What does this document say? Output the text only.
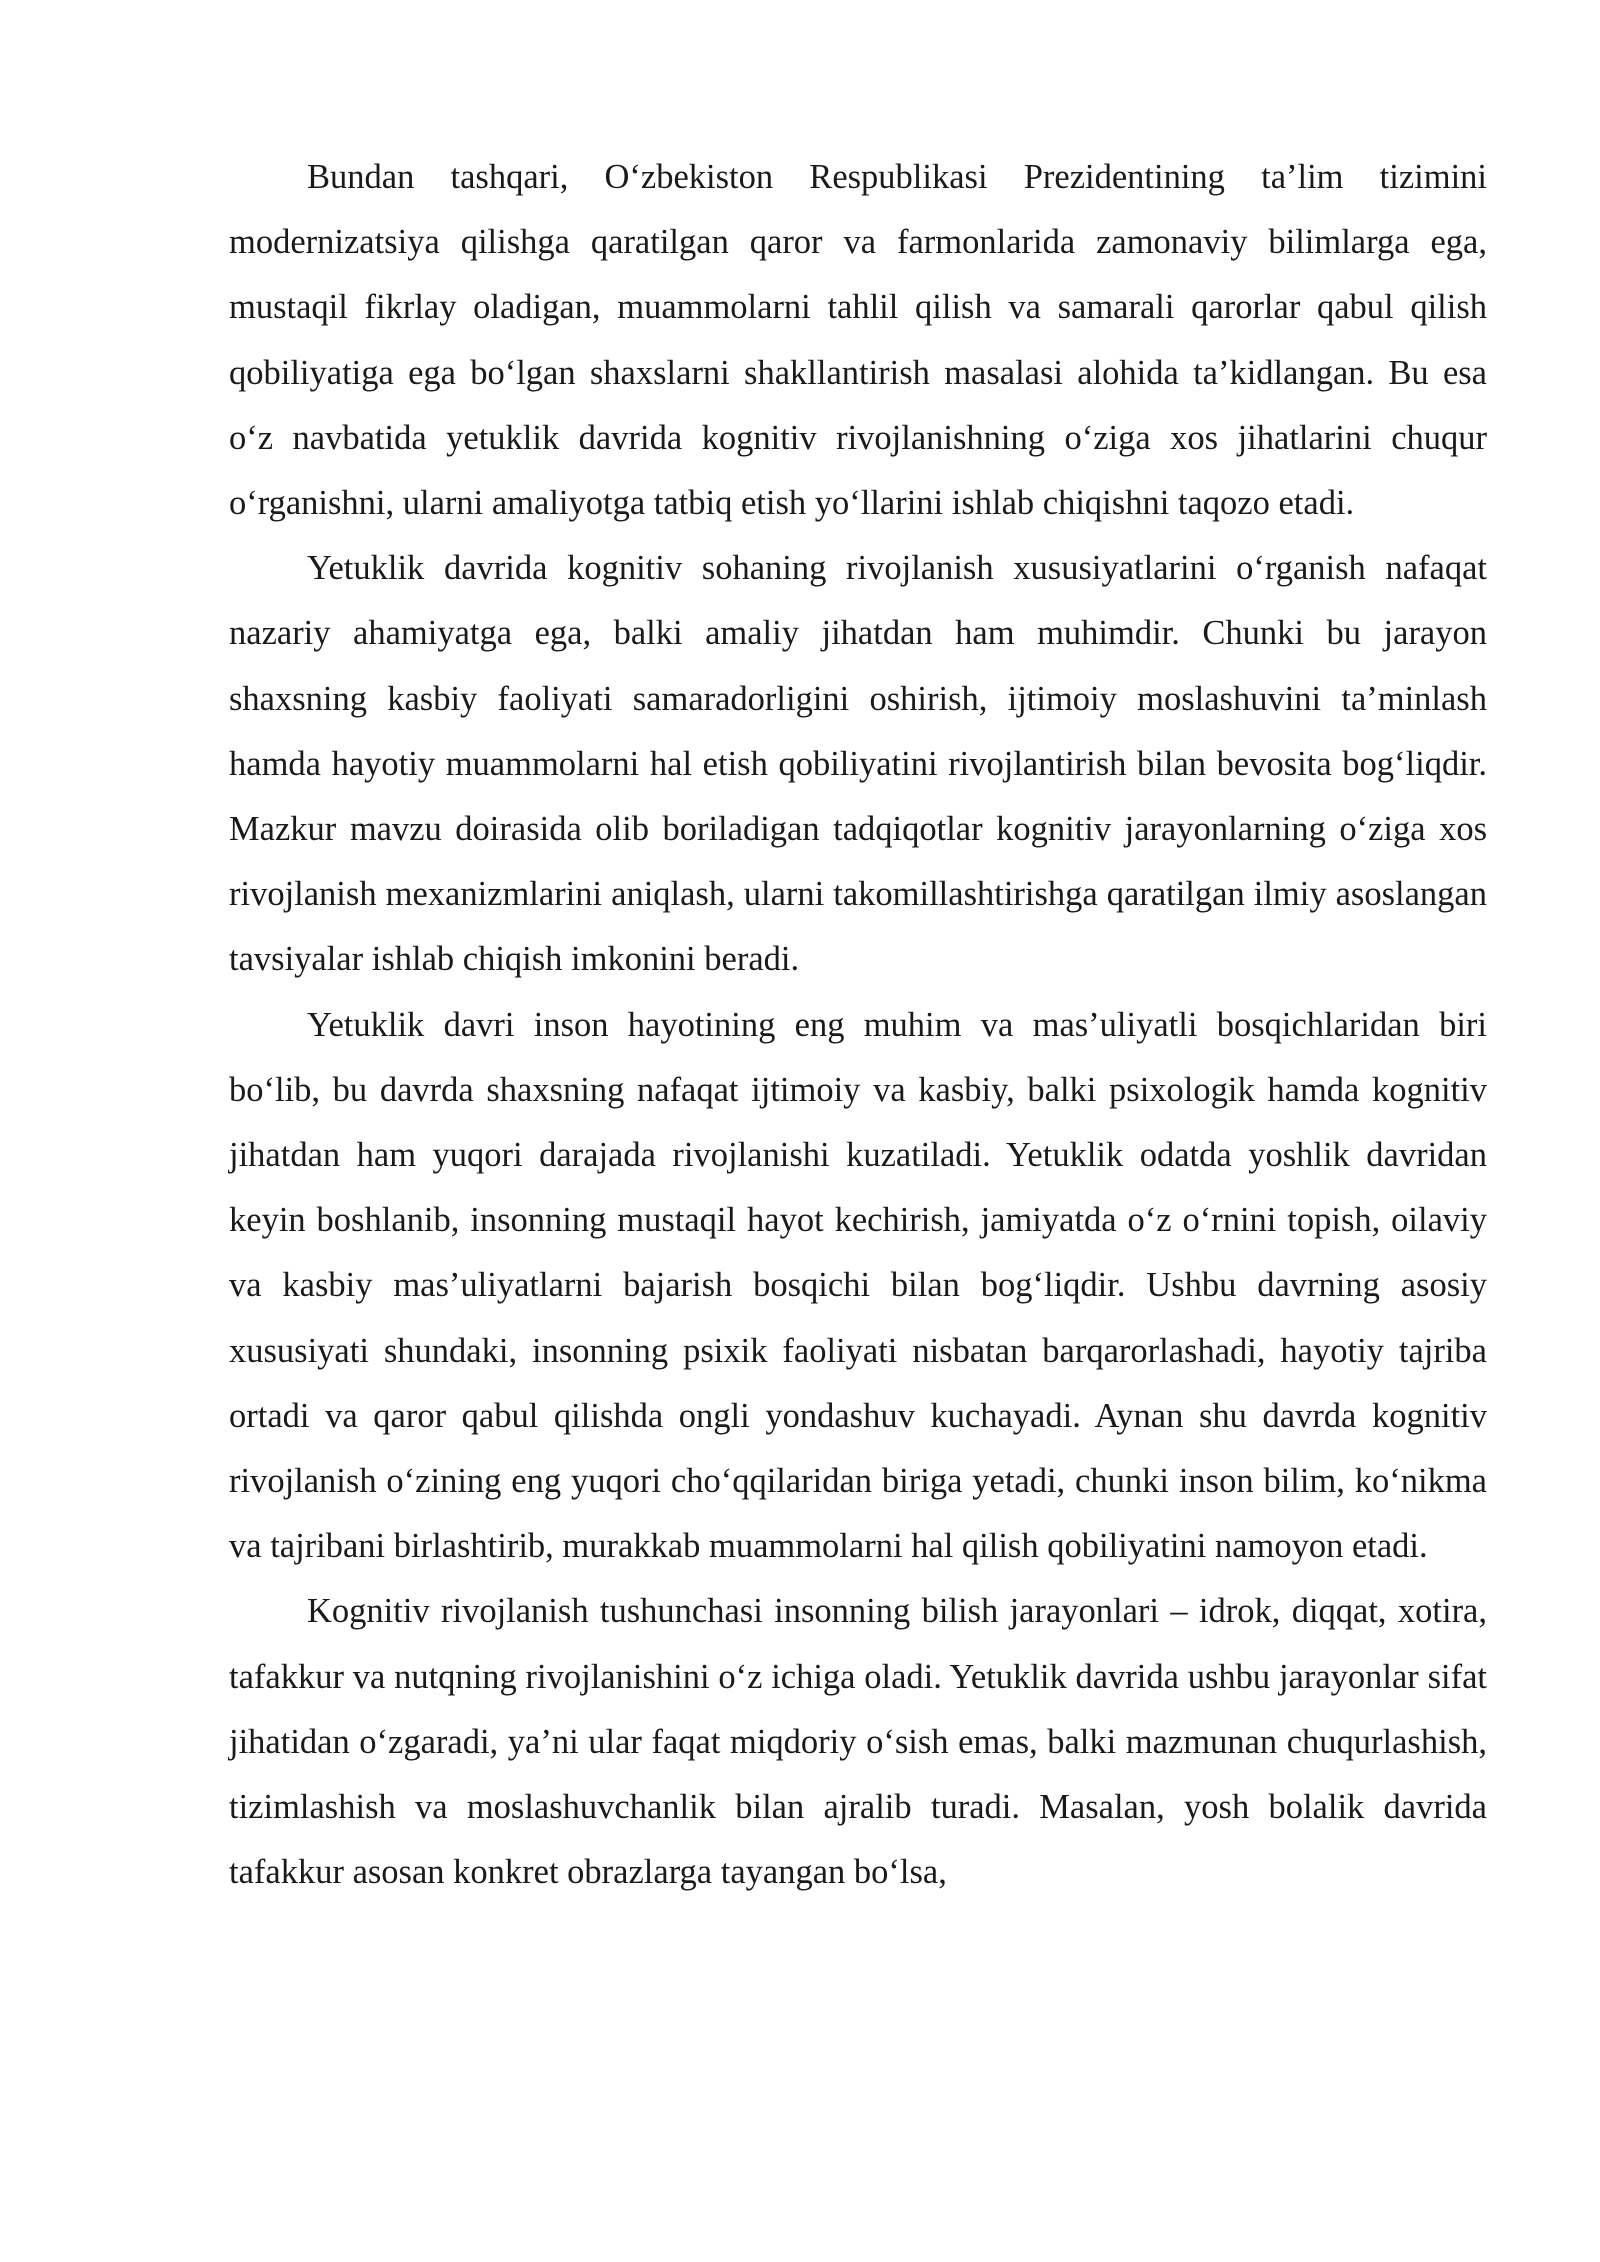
Bundan tashqari, O‘zbekiston Respublikasi Prezidentining ta’lim tizimini modernizatsiya qilishga qaratilgan qaror va farmonlarida zamonaviy bilimlarga ega, mustaqil fikrlay oladigan, muammolarni tahlil qilish va samarali qarorlar qabul qilish qobiliyatiga ega bo‘lgan shaxslarni shakllantirish masalasi alohida ta’kidlangan. Bu esa o‘z navbatida yetuklik davrida kognitiv rivojlanishning o‘ziga xos jihatlarini chuqur o‘rganishni, ularni amaliyotga tatbiq etish yo‘llarini ishlab chiqishni taqozo etadi.

Yetuklik davrida kognitiv sohaning rivojlanish xususiyatlarini o‘rganish nafaqat nazariy ahamiyatga ega, balki amaliy jihatdan ham muhimdir. Chunki bu jarayon shaxsning kasbiy faoliyati samaradorligini oshirish, ijtimoiy moslashuvini ta’minlash hamda hayotiy muammolarni hal etish qobiliyatini rivojlantirish bilan bevosita bog‘liqdir. Mazkur mavzu doirasida olib boriladigan tadqiqotlar kognitiv jarayonlarning o‘ziga xos rivojlanish mexanizmlarini aniqlash, ularni takomillashtirishga qaratilgan ilmiy asoslangan tavsiyalar ishlab chiqish imkonini beradi.

Yetuklik davri inson hayotining eng muhim va mas’uliyatli bosqichlaridan biri bo‘lib, bu davrda shaxsning nafaqat ijtimoiy va kasbiy, balki psixologik hamda kognitiv jihatdan ham yuqori darajada rivojlanishi kuzatiladi. Yetuklik odatda yoshlik davridan keyin boshlanib, insonning mustaqil hayot kechirish, jamiyatda o‘z o‘rnini topish, oilaviy va kasbiy mas’uliyatlarni bajarish bosqichi bilan bog‘liqdir. Ushbu davrning asosiy xususiyati shundaki, insonning psixik faoliyati nisbatan barqarorlashadi, hayotiy tajriba ortadi va qaror qabul qilishda ongli yondashuv kuchayadi. Aynan shu davrda kognitiv rivojlanish o‘zining eng yuqori cho‘qqilaridan biriga yetadi, chunki inson bilim, ko‘nikma va tajribani birlashtirib, murakkab muammolarni hal qilish qobiliyatini namoyon etadi.

Kognitiv rivojlanish tushunchasi insonning bilish jarayonlari – idrok, diqqat, xotira, tafakkur va nutqning rivojlanishini o‘z ichiga oladi. Yetuklik davrida ushbu jarayonlar sifat jihatidan o‘zgaradi, ya’ni ular faqat miqdoriy o‘sish emas, balki mazmunan chuqurlashish, tizimlashish va moslashuvchanlik bilan ajralib turadi. Masalan, yosh bolalik davrida tafakkur asosan konkret obrazlarga tayangan bo‘lsa,
